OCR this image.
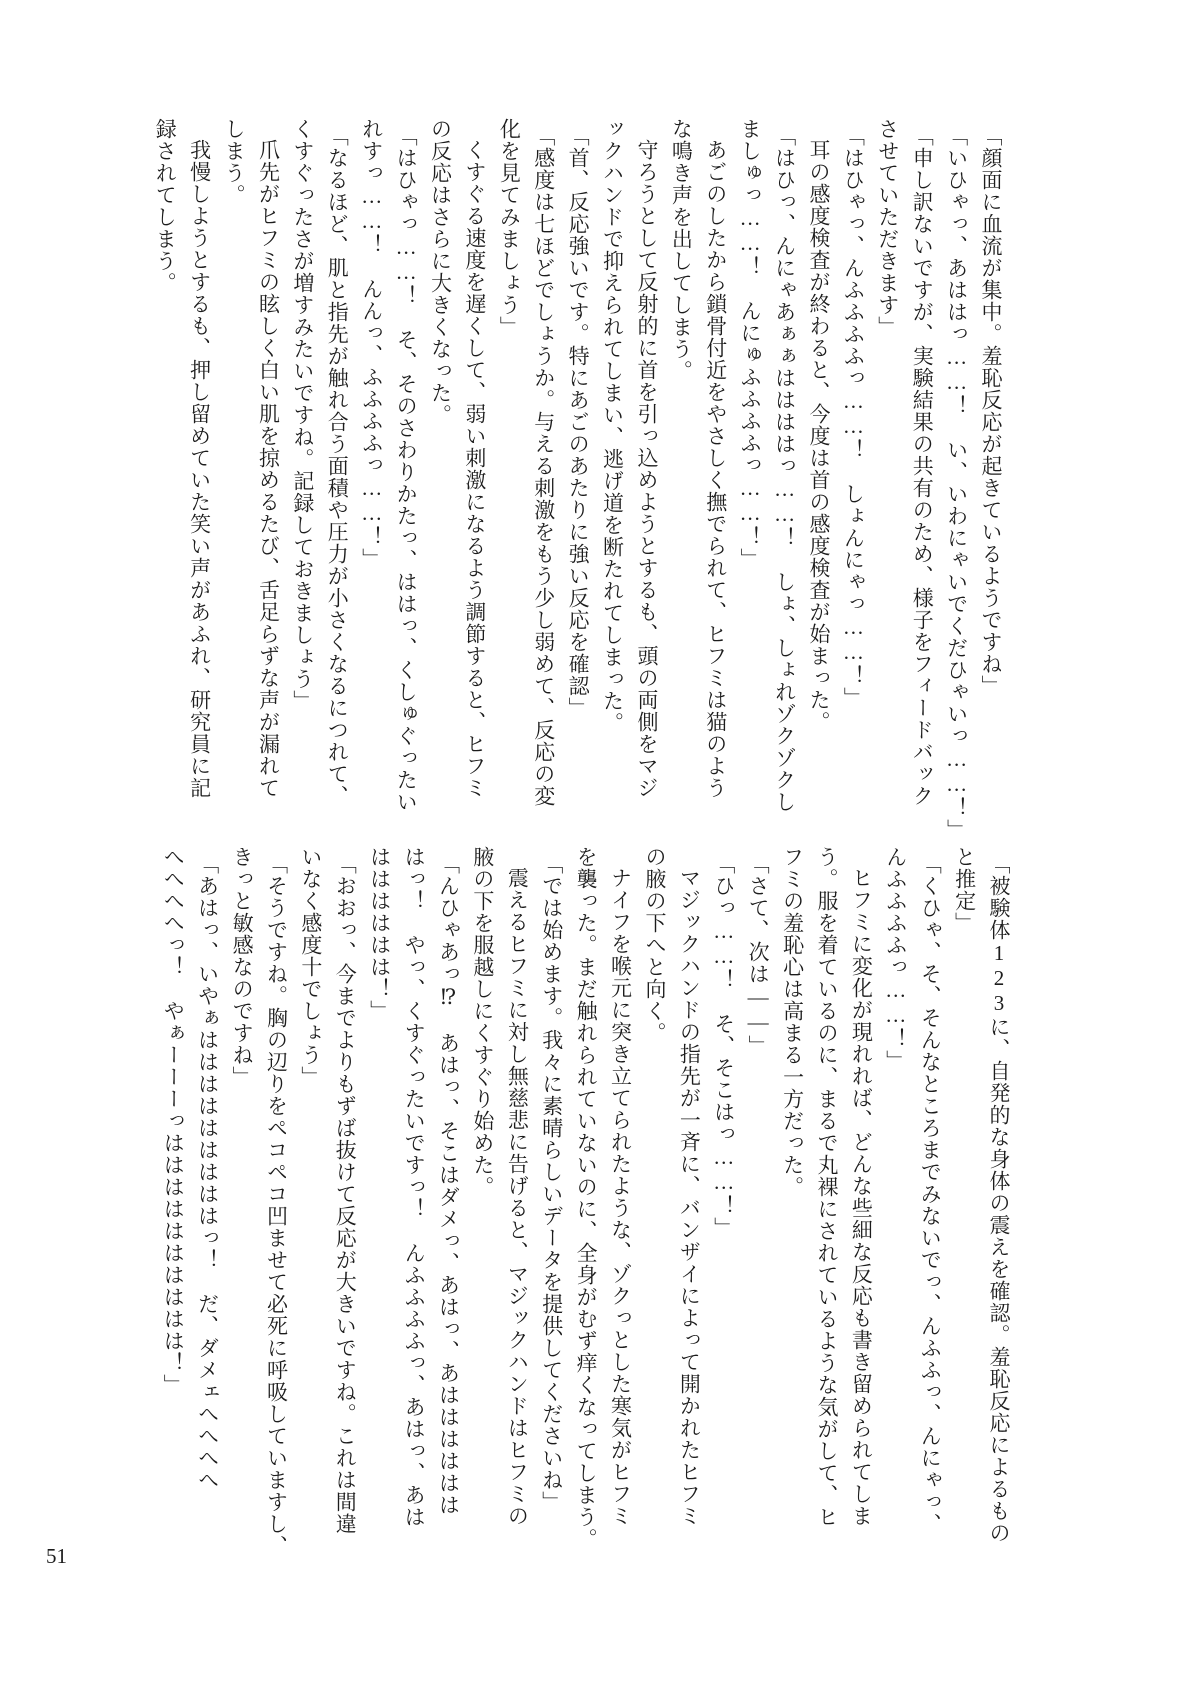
「顔面に血流が集中。羞恥反応が起きているようですね」

「いひゃっ、あははっ……！　い、いわにゃいでくだひゃいっ……！」

「申し訳ないですが、実験結果の共有のため、様子をフィードバック

させていただきます」

「はひゃっ、んふふふふっ……！　しょんにゃっ……！」

耳の感度検査が終わると、今度は首の感度検査が始まった。

「はひっ、んにゃあぁぁははははっ……！　しょ、しょれゾクゾクし

ましゅっ……！　んにゅふふふふっ……！」

あごのしたから鎖骨付近をやさしく撫でられて、ヒフミは猫のよう

な鳴き声を出してしまう。

守ろうとして反射的に首を引っ込めようとするも、頭の両側をマジ

ックハンドで抑えられてしまい、逃げ道を断たれてしまった。

「首、反応強いです。特にあごのあたりに強い反応を確認」

「感度は七ほどでしょうか。与える刺激をもう少し弱めて、反応の変

化を見てみましょう」

くすぐる速度を遅くして、弱い刺激になるよう調節すると、ヒフミ

の反応はさらに大きくなった。

「はひゃっ……！　そ、そのさわりかたっ、ははっ、くしゅぐったい

れすっ……！　んんっ、ふふふふっ……！」

「なるほど、肌と指先が触れ合う面積や圧力が小さくなるにつれて、

くすぐったさが増すみたいですね。記録しておきましょう」

爪先がヒフミの眩しく白い肌を掠めるたび、舌足らずな声が漏れて

しまう。

我慢しようとするも、押し留めていた笑い声があふれ、研究員に記

録されてしまう。

「被験体123に、自発的な身体の震えを確認。羞恥反応によるもの

と推定」

「くひゃ、そ、そんなところまでみないでっ、んふふっ、んにゃっ、

んふふふふっ……！」

ヒフミに変化が現れれば、どんな些細な反応も書き留められてしま

う。服を着ているのに、まるで丸裸にされているような気がして、ヒ

フミの羞恥心は高まる一方だった。

「さて、次は――」

「ひっ……！　そ、そこはっ……！」

マジックハンドの指先が一斉に、バンザイによって開かれたヒフミ

の腋の下へと向く。

ナイフを喉元に突き立てられたような、ゾクっとした寒気がヒフミ

を襲った。まだ触れられていないのに、全身がむず痒くなってしまう。

「では始めます。我々に素晴らしいデータを提供してくださいね」

震えるヒフミに対し無慈悲に告げると、マジックハンドはヒフミの

腋の下を服越しにくすぐり始めた。

「んひゃあっ⁉　あはっ、そこはダメっ、あはっ、あはははははは

はっ！　やっ、くすぐったいですっ！　んふふふふっ、あはっ、あは

はははははは！」

「おおっ、今までよりもずば抜けて反応が大きいですね。これは間違

いなく感度十でしょう」

「そうですね。胸の辺りをペコペコ凹ませて必死に呼吸していますし、

きっと敏感なのですね」

「あはっ、いやぁはははははははははっ！　だ、ダメェへへへへ

へへへへっ！　やぁーーーっはははははははははは！」

51
